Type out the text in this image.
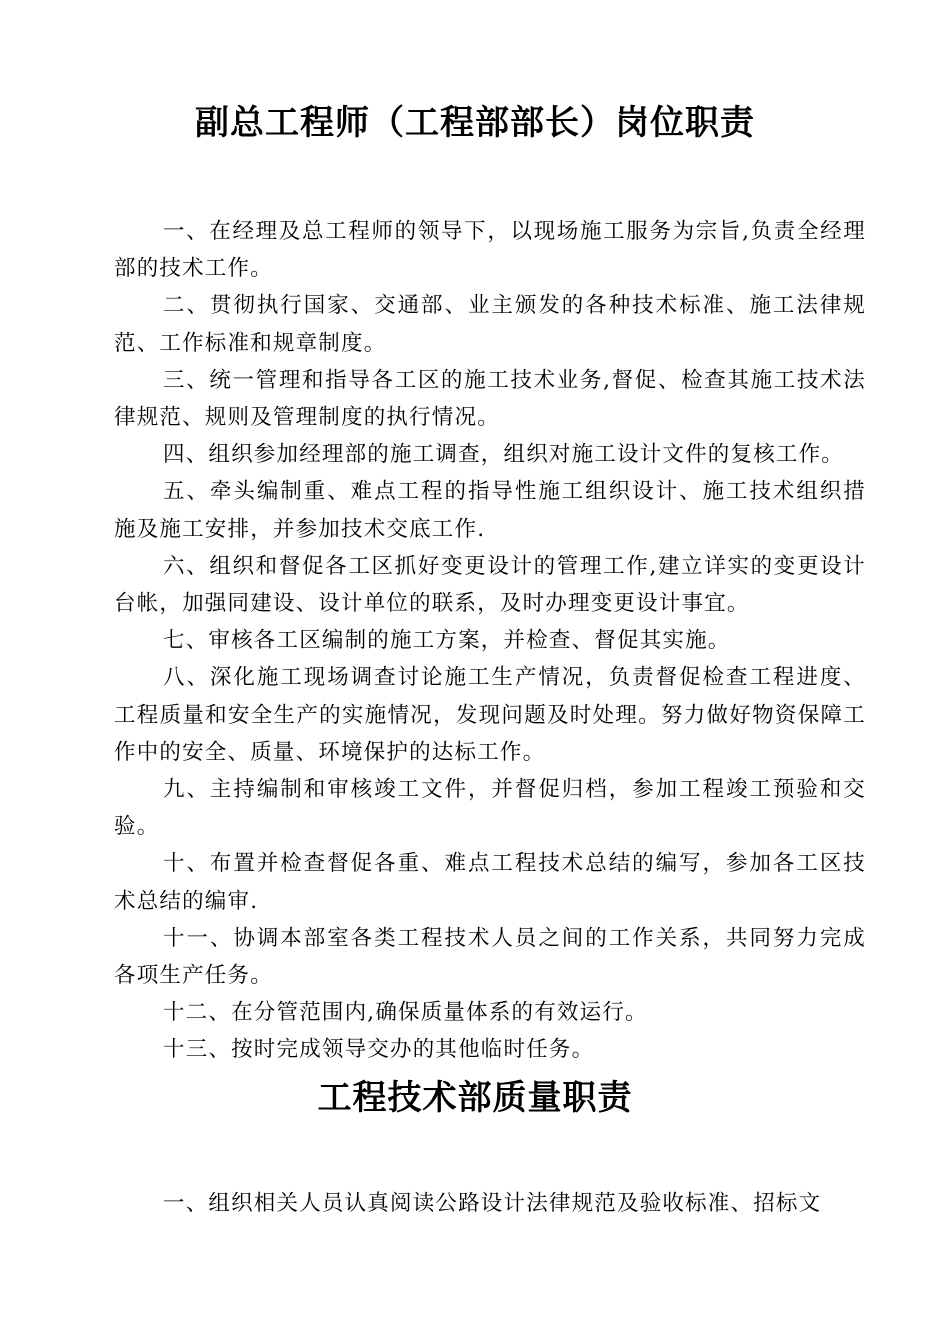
副总工程师（工程部部长）岗位职责

一、在经理及总工程师的领导下，以现场施工服务为宗旨,负责全经理部的技术工作。

二、贯彻执行国家、交通部、业主颁发的各种技术标准、施工法律规范、工作标准和规章制度。

三、统一管理和指导各工区的施工技术业务,督促、检查其施工技术法律规范、规则及管理制度的执行情况。

四、组织参加经理部的施工调查，组织对施工设计文件的复核工作。

五、牵头编制重、难点工程的指导性施工组织设计、施工技术组织措施及施工安排，并参加技术交底工作.

六、组织和督促各工区抓好变更设计的管理工作,建立详实的变更设计台帐，加强同建设、设计单位的联系，及时办理变更设计事宜。

七、审核各工区编制的施工方案，并检查、督促其实施。

八、深化施工现场调查讨论施工生产情况，负责督促检查工程进度、工程质量和安全生产的实施情况，发现问题及时处理。努力做好物资保障工作中的安全、质量、环境保护的达标工作。

九、主持编制和审核竣工文件，并督促归档，参加工程竣工预验和交验。

十、布置并检查督促各重、难点工程技术总结的编写，参加各工区技术总结的编审.

十一、协调本部室各类工程技术人员之间的工作关系，共同努力完成各项生产任务。

十二、在分管范围内,确保质量体系的有效运行。

十三、按时完成领导交办的其他临时任务。

工程技术部质量职责

一、组织相关人员认真阅读公路设计法律规范及验收标准、招标文
